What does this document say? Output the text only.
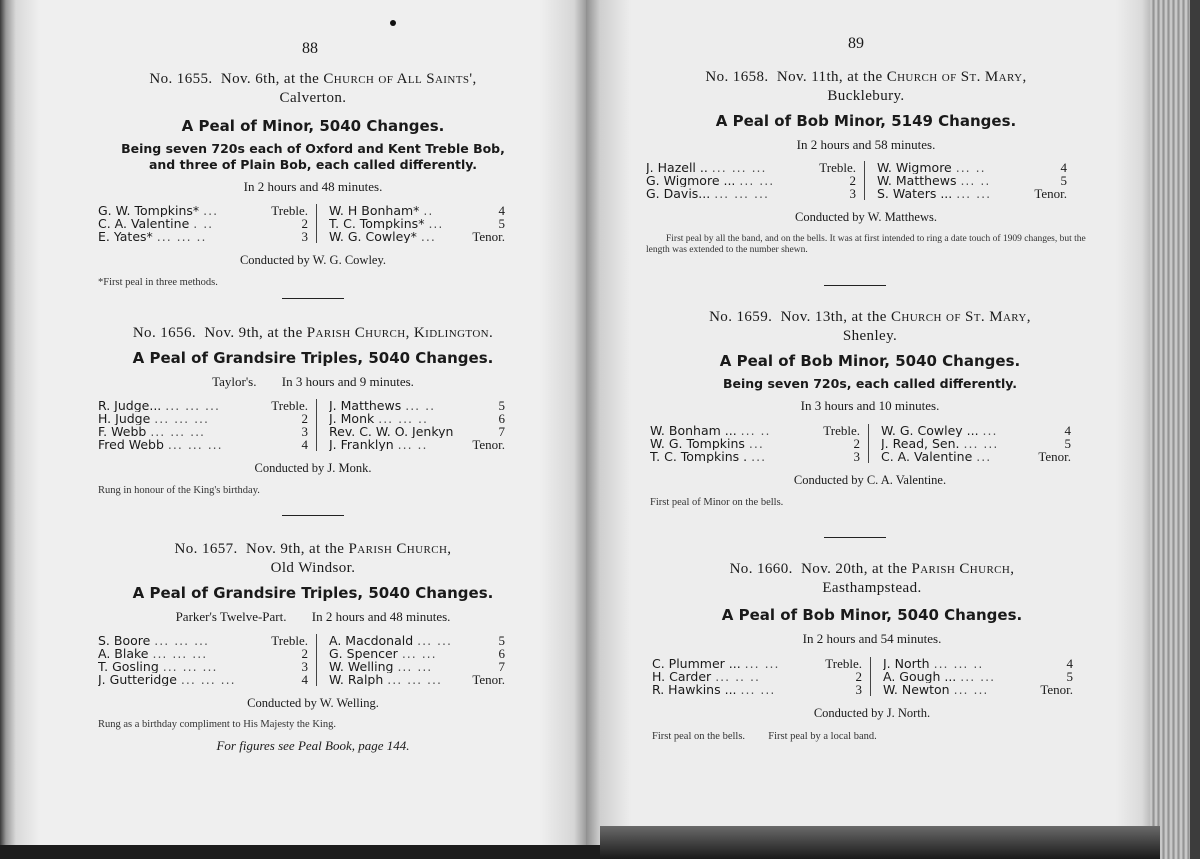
88

No. 1655. Nov. 6th, at the Church of All Saints',

Calverton.

A Peal of Minor, 5040 Changes.
Being seven 720s each of Oxford and Kent Treble Bob, and three of Plain Bob, each called differently.
In 2 hours and 48 minutes.
G. W. Tompkins* ...	Treble.
C. A. Valentine . ..	2
E. Yates* ... ... ..	3
W. H Bonham* ..	4
T. C. Tompkins* ...	5
W. G. Cowley* ...	Tenor.
Conducted by W. G. Cowley.
*First peal in three methods.

No. 1656. Nov. 9th, at the Parish Church, Kidlington.

A Peal of Grandsire Triples, 5040 Changes.
Taylor's. In 3 hours and 9 minutes.
R. Judge... ... ... ...	Treble.
H. Judge ... ... ...	2
F. Webb ... ... ...	3
Fred Webb ... ... ...	4
J. Matthews ... ..	5
J. Monk ... ... ..	6
Rev. C. W. O. Jenkyn	7
J. Franklyn ... ..	Tenor.
Conducted by J. Monk.
Rung in honour of the King's birthday.

No. 1657. Nov. 9th, at the Parish Church,

Old Windsor.

A Peal of Grandsire Triples, 5040 Changes.
Parker's Twelve-Part. In 2 hours and 48 minutes.
S. Boore ... ... ...	Treble.
A. Blake ... ... ...	2
T. Gosling ... ... ...	3
J. Gutteridge ... ... ...	4
A. Macdonald ... ...	5
G. Spencer ... ...	6
W. Welling ... ...	7
W. Ralph ... ... ...	Tenor.
Conducted by W. Welling.
Rung as a birthday compliment to His Majesty the King.
For figures see Peal Book, page 144.
89

No. 1658. Nov. 11th, at the Church of St. Mary,

Bucklebury.

A Peal of Bob Minor, 5149 Changes.
In 2 hours and 58 minutes.
J. Hazell .. ... ... ...	Treble.
G. Wigmore ... ... ...	2
G. Davis... ... ... ...	3
W. Wigmore ... ..	4
W. Matthews ... ..	5
S. Waters ... ... ...	Tenor.
Conducted by W. Matthews.
First peal by all the band, and on the bells. It was at first intended to ring a date touch of 1909 changes, but the length was extended to the number shewn.

No. 1659. Nov. 13th, at the Church of St. Mary,

Shenley.

A Peal of Bob Minor, 5040 Changes.
Being seven 720s, each called differently.
In 3 hours and 10 minutes.
W. Bonham ... ... ..	Treble.
W. G. Tompkins ...	2
T. C. Tompkins . ...	3
W. G. Cowley ... ...	4
J. Read, Sen. ... ...	5
C. A. Valentine ...	Tenor.
Conducted by C. A. Valentine.
First peal of Minor on the bells.

No. 1660. Nov. 20th, at the Parish Church,

Easthampstead.

A Peal of Bob Minor, 5040 Changes.
In 2 hours and 54 minutes.
C. Plummer ... ... ...	Treble.
H. Carder ... .. ..	2
R. Hawkins ... ... ...	3
J. North ... ... ..	4
A. Gough ... ... ...	5
W. Newton ... ...	Tenor.
Conducted by J. North.
First peal on the bells. First peal by a local band.
